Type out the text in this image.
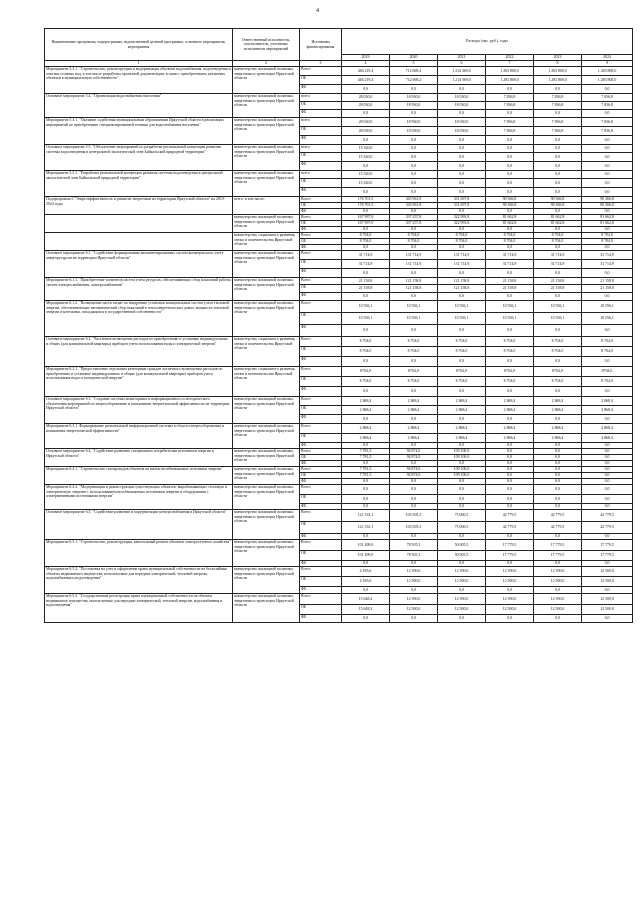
4
Наименование программы, подпрограммы, ведомственной целевой программы, основного мероприятия, мероприятия	Ответственный исполнитель, соисполнитель, участники, исполнители мероприятий	Источники финансирования	Расходы (тыс. руб.), годы					
			2019	2020	2021	2022	2023	2024
1	2	3	4	5	6	7	8	9
Мероприятие 5.3.1. "Строительство, реконструкция и модернизация объектов водоснабжения, водоотведения и очистки сточных вод, в том числе разработка проектной документации, в связи с приобретением указанных объектов в муниципальную собственность"	министерство жилищной политики, энергетики и транспорта Иркутской области	Всего	446 219,4	712 669,2	1 214 369,0	1 283 800,0	1 283 800,0	1 283 800,0
		ОБ	446 219,4	712 669,2	1 214 369,0	1 283 800,0	1 283 800,0	1 283 800,0
		ФБ	0,0	0,0	0,0	0,0	0,0	0,0
Основное мероприятие 5.4. "Организация водоснабжения населения"	министерство жилищной политики, энергетики и транспорта Иркутской области	всего	28 030,0	18 930,0	18 030,0	7 836,8	7 836,8	7 836,8
		ОБ	28 030,0	18 930,0	18 030,0	7 836,8	7 836,8	7 836,8
		ФБ	0,0	0,0	0,0	0,0	0,0	0,0
Мероприятие 5.4.1. "Оказание содействия муниципальным образованиям Иркутской области в реализации мероприятий по приобретению специализированной техники для водоснабжения населения"	министерство жилищной политики, энергетики и транспорта Иркутской области	всего	28 030,0	18 930,0	18 030,0	7 836,8	7 836,8	7 836,8
		ОБ	28 030,0	18 930,0	18 030,0	7 836,8	7 836,8	7 836,8
		ФБ	0,0	0,0	0,0	0,0	0,0	0,0
Основное мероприятие 5.5. "Обеспечение мероприятий по разработке региональной концепции развития системы водоотведения в центральной экологической зоне Байкальской природной территории"	министерство жилищной политики, энергетики и транспорта Иркутской области	всего	15 320,0	0,0	0,0	0,0	0,0	0,0
		ОБ	15 320,0	0,0	0,0	0,0	0,0	0,0
		ФБ	0,0	0,0	0,0	0,0	0,0	0,0
Мероприятие 5.5.1. "Разработка региональной концепции развития системы водоотведения в центральной экологической зоне Байкальской природной территории"	министерство жилищной политики, энергетики и транспорта Иркутской области	всего	15 320,0	0,0	0,0	0,0	0,0	0,0
		ОБ	15 320,0	0,0	0,0	0,0	0,0	0,0
		ФБ	0,0	0,0	0,0	0,0	0,0	0,0
Подпрограмма 6 "Энергоэффективность и развитие энергетики на территории Иркутской области" на 2019-2024 годы	всего, в том числе:	Всего	176 701,5	345 961,8	331 697,8	90 366,8	90 366,8	90 366,8
		ОБ	176 701,5	345 961,8	331 697,8	90 366,8	90 366,8	90 366,8
		ФБ	0,0	0,0	0,0	0,0	0,0	0,0
	министерство жилищной политики, энергетики и транспорта Иркутской области	Всего	167 997,0	337 257,8	322 993,8	81 662,8	81 662,8	81 662,8
		ОБ	167 997,0	337 257,8	322 993,8	81 662,8	81 662,8	81 662,8
		ФБ	0,0	0,0	0,0	0,0	0,0	0,0
	министерство социального развития, опеки и попечительства Иркутской области	Всего	8 704,0	8 704,0	8 704,0	8 704,0	8 704,0	8 704,0
		ОБ	8 704,0	8 704,0	8 704,0	8 704,0	8 704,0	8 704,0
		ФБ	0,0	0,0	0,0	0,0	0,0	0,0
Основное мероприятие 6.1. "Содействие формированию автоматизированных систем коммерческого учета энергоресурсов на территории Иркутской области"	министерство жилищной политики, энергетики и транспорта Иркутской области	Всего	31 714,9	131 714,9	131 714,9	31 714,9	31 714,9	31 714,9
		ОБ	31 714,9	131 714,9	131 714,9	31 714,9	31 714,9	31 714,9
		ФБ	0,0	0,0	0,0	0,0	0,0	0,0
Мероприятие 6.1.1. "Приобретение элементов систем учета ресурсов, обеспечивающих сбор показаний работы систем электроснабжения, электроснабжения"	министерство жилищной политики, энергетики и транспорта Иркутской области	Всего	21 158,8	121 158,8	121 158,8	21 158,8	21 158,8	21 158,8
		ОБ	21 158,8	121 158,8	121 158,8	21 158,8	21 158,8	21 158,8
		ФБ	0,0	0,0	0,0	0,0	0,0	0,0
Мероприятие 6.1.2. "Возмещение части затрат по внедрению установок коммунальных систем учета тепловой энергии, обеспечивающих автоматический сбор показаний в теплоэнергетических домах, мощность тепловой энергии в котельных, находящихся в государственной собственности"	министерство жилищной политики, энергетики и транспорта Иркутской области	Всего	10 556,1	10 556,1	10 556,1	10 556,1	10 556,1	10 556,1
		ОБ	10 556,1	10 556,1	10 556,1	10 556,1	10 556,1	10 556,1
		ФБ	0,0	0,0	0,0	0,0	0,0	0,0
Основное мероприятие 6.2. "Частичное возмещение расходов по приобретению и установке индивидуальных и общих (для коммунальной квартиры) приборов учета использования воды и электрической энергии"	министерство социального развития, опеки и попечительства Иркутской области	Всего	8 704,0	8 704,0	8 704,0	8 704,0	8 704,0	8 704,0
		ОБ	8 704,0	8 704,0	8 704,0	8 704,0	8 704,0	8 704,0
		ФБ	0,0	0,0	0,0	0,0	0,0	0,0
Мероприятие 6.2.1. "Предоставление отдельным категориям граждан частичного возмещения расходов по приобретению и установке индивидуальных и общих (для коммунальной квартиры) приборов учета использования воды и электрической энергии"	министерство социального развития, опеки и попечительства Иркутской области	Всего	8704,0	8704,0	8704,0	8704,0	8704,0	8704,0
		ОБ	8 704,0	8 704,0	8 704,0	8 704,0	8 704,0	8 704,0
		ФБ	0,0	0,0	0,0	0,0	0,0	0,0
Основное мероприятие 6.3. "Создание системы мониторинга и информационного и методического обеспечения мероприятий по энергосбережению и повышению энергетической эффективности на территории Иркутской области"	министерство жилищной политики, энергетики и транспорта Иркутской области	Всего	2 868,4	2 868,4	2 868,4	2 868,4	2 868,4	2 868,4
		ОБ	2 868,4	2 868,4	2 868,4	2 868,4	2 868,4	2 868,4
		ФБ	0,0	0,0	0,0	0,0	0,0	0,0
Мероприятие 6.3.1. Формирование региональной информационной системы в области энергосбережения и повышения энергетической эффективности"	министерство жилищной политики, энергетики и транспорта Иркутской области	Всего	2 868,4	2 868,4	2 868,4	2 868,4	2 868,4	2 868,4
		ОБ	2 868,4	2 868,4	2 868,4	2 868,4	2 868,4	2 868,4
		ФБ	0,0	0,0	0,0	0,0	0,0	0,0
Основное мероприятие 6.4. "Содействие развитию специальных потребителям источников энергии в Иркутской области"	министерство жилищной политики, энергетики и транспорта Иркутской области	Всего	7 781,5	94 874,0	109 100,0	0,0	0,0	0,0
		ОБ	7 781,5	94 874,0	109 100,0	0,0	0,0	0,0
		ФБ	0,0	0,0	0,0	0,0	0,0	0,0
Мероприятие 6.4.1. "Строительство газопроводов объектов на малые возобновляемые источники энергии"	министерство жилищной политики, энергетики и транспорта Иркутской области	Всего	7 781,5	94 874,0	109 100,0	0,0	0,0	0,0
		ОБ	7 781,5	94 874,0	109 100,0	0,0	0,0	0,0
		ФБ	0,0	0,0	0,0	0,0	0,0	0,0
Мероприятие 6.4.2. "Модернизация и реконструкция существующих объектов, вырабатывающих тепловую и электрическую энергию с использованием возобновляемых источников энергии и оборудования с альтернативными источниками энергии"	министерство жилищной политики, энергетики и транспорта Иркутской области	Всего	0,0	0,0	0,0	0,0	0,0	0,0
		ОБ	0,0	0,0	0,0	0,0	0,0	0,0
		ФБ	0,0	0,0	0,0	0,0	0,0	0,0
Основное мероприятие 6.5. "Содействие развитию и модернизации электроснабжения в Иркутской области"	министерство жилищной политики, энергетики и транспорта Иркутской области	Всего	121 333,1	103 505,3	75 000,5	42 779,5	42 779,5	42 779,5
		ОБ	121 333,1	103 505,3	75 000,5	42 779,5	42 779,5	42 779,5
		ФБ	0,0	0,0	0,0	0,0	0,0	0,0
Мероприятие 6.5.1. "Строительство, реконструкция, капитальный ремонт объектов электросетевого хозяйства"	министерство жилищной политики, энергетики и транспорта Иркутской области	Всего	101 499,0	78 505,3	50 005,5	17 779,5	17 779,5	17 779,5
		ОБ	101 499,0	78 505,3	50 005,5	17 779,5	17 779,5	17 779,5
		ФБ	0,0	0,0	0,0	0,0	0,0	0,0
Мероприятие 6.5.2. "Постановка на учет в оформление права муниципальной собственности на бесхозяйные объекты недвижимого имущества, используемые для передачи электрической, тепловой энергии, водоснабжения и водоотведения"	министерство жилищной политики, энергетики и транспорта Иркутской области	Всего	4 185,6	12 500,0	12 500,0	12 500,0	12 500,0	12 500,0
		ОБ	4 185,6	12 500,0	12 500,0	12 500,0	12 500,0	12 500,0
		ФБ	0,0	0,0	0,0	0,0	0,0	0,0
Мероприятие 6.5.3. "Государственная регистрация права муниципальной собственности на объекты недвижимого имущества, используемые для передачи электрической, тепловой энергии, водоснабжения и водоотведения"	министерство жилищной политики, энергетики и транспорта Иркутской области	Всего	15 648,2	12 500,0	12 500,0	12 500,0	12 500,0	12 500,0
		ОБ	15 648,2	12 500,0	12 500,0	12 500,0	12 500,0	12 500,0
		ФБ	0,0	0,0	0,0	0,0	0,0	0,0
